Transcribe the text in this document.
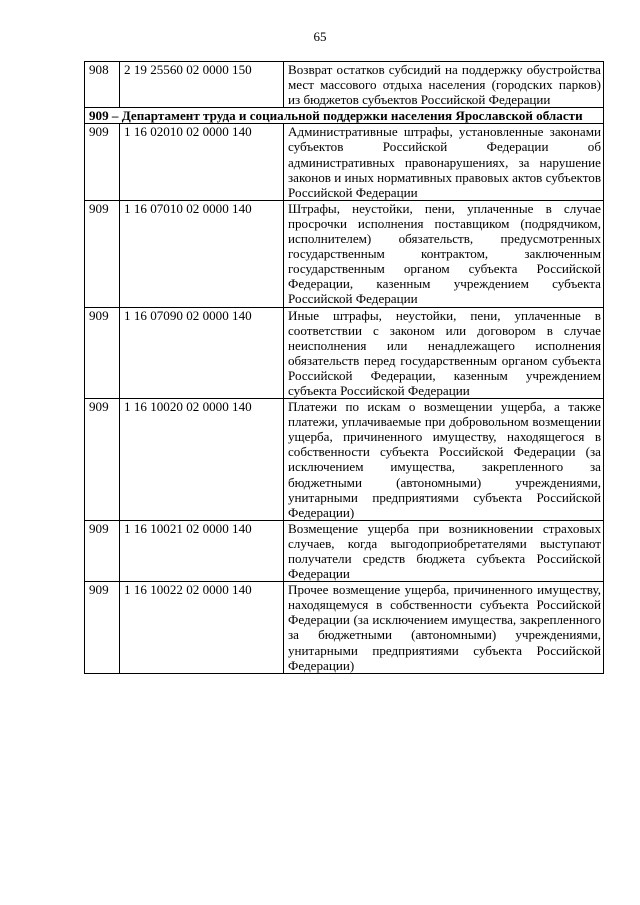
65
908	2 19 25560 02 0000 150	Возврат остатков субсидий на поддержку обустройства мест массового отдыха населения (городских парков) из бюджетов субъектов Российской Федерации
909 – Департамент труда и социальной поддержки населения Ярославской области		
909	1 16 02010 02 0000 140	Административные штрафы, установленные законами субъектов Российской Федерации об административных правонарушениях, за нарушение законов и иных нормативных правовых актов субъектов Российской Федерации
909	1 16 07010 02 0000 140	Штрафы, неустойки, пени, уплаченные в случае просрочки исполнения поставщиком (подрядчиком, исполнителем) обязательств, предусмотренных государственным контрактом, заключенным государственным органом субъекта Российской Федерации, казенным учреждением субъекта Российской Федерации
909	1 16 07090 02 0000 140	Иные штрафы, неустойки, пени, уплаченные в соответствии с законом или договором в случае неисполнения или ненадлежащего исполнения обязательств перед государственным органом субъекта Российской Федерации, казенным учреждением субъекта Российской Федерации
909	1 16 10020 02 0000 140	Платежи по искам о возмещении ущерба, а также платежи, уплачиваемые при добровольном возмещении ущерба, причиненного имуществу, находящегося в собственности субъекта Российской Федерации (за исключением имущества, закрепленного за бюджетными (автономными) учреждениями, унитарными предприятиями субъекта Российской Федерации)
909	1 16 10021 02 0000 140	Возмещение ущерба при возникновении страховых случаев, когда выгодоприобретателями выступают получатели средств бюджета субъекта Российской Федерации
909	1 16 10022 02 0000 140	Прочее возмещение ущерба, причиненного имуществу, находящемуся в собственности субъекта Российской Федерации (за исключением имущества, закрепленного за бюджетными (автономными) учреждениями, унитарными предприятиями субъекта Российской Федерации)
